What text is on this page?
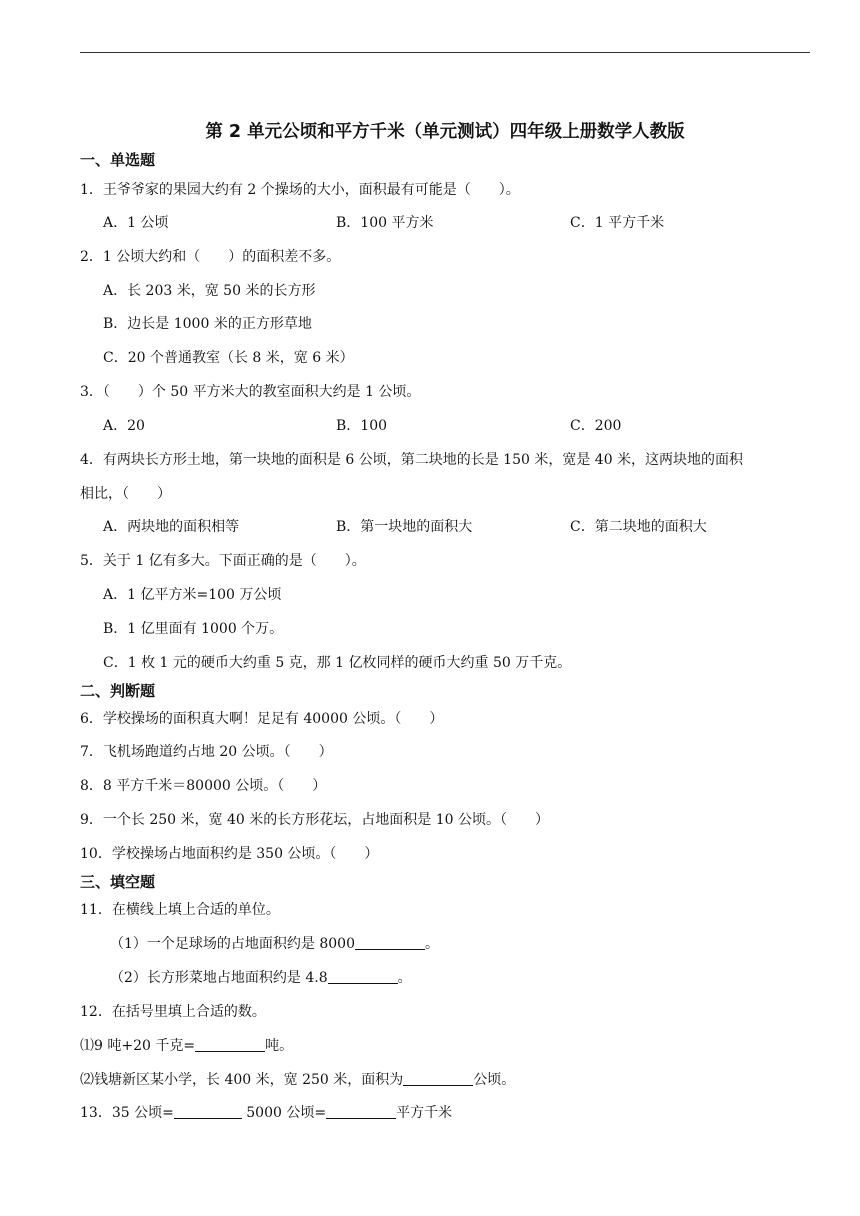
第 2 单元公顷和平方千米（单元测试）四年级上册数学人教版
一、单选题
1．王爷爷家的果园大约有 2 个操场的大小，面积最有可能是（　　）。
A．1 公顷	B．100 平方米	C．1 平方千米
2．1 公顷大约和（　　）的面积差不多。
A．长 203 米，宽 50 米的长方形
B．边长是 1000 米的正方形草地
C．20 个普通教室（长 8 米，宽 6 米）
3．（　　）个 50 平方米大的教室面积大约是 1 公顷。
A．20	B．100	C．200
4．有两块长方形土地，第一块地的面积是 6 公顷，第二块地的长是 150 米，宽是 40 米，这两块地的面积
相比，（　　）
A．两块地的面积相等	B．第一块地的面积大	C．第二块地的面积大
5．关于 1 亿有多大。下面正确的是（　　）。
A．1 亿平方米=100 万公顷
B．1 亿里面有 1000 个万。
C．1 枚 1 元的硬币大约重 5 克，那 1 亿枚同样的硬币大约重 50 万千克。
二、判断题
6．学校操场的面积真大啊！足足有 40000 公顷。（　　）
7．飞机场跑道约占地 20 公顷。（　　）
8．8 平方千米＝80000 公顷。（　　）
9．一个长 250 米，宽 40 米的长方形花坛，占地面积是 10 公顷。（　　）
10．学校操场占地面积约是 350 公顷。（　　）
三、填空题
11．在横线上填上合适的单位。
（1）一个足球场的占地面积约是 8000	。
（2）长方形菜地占地面积约是 4.8	。
12．在括号里填上合适的数。
⑴9 吨+20 千克=	吨。
⑵钱塘新区某小学，长 400 米，宽 250 米，面积为	公顷。
13．35 公顷=	5000 公顷=	平方千米
